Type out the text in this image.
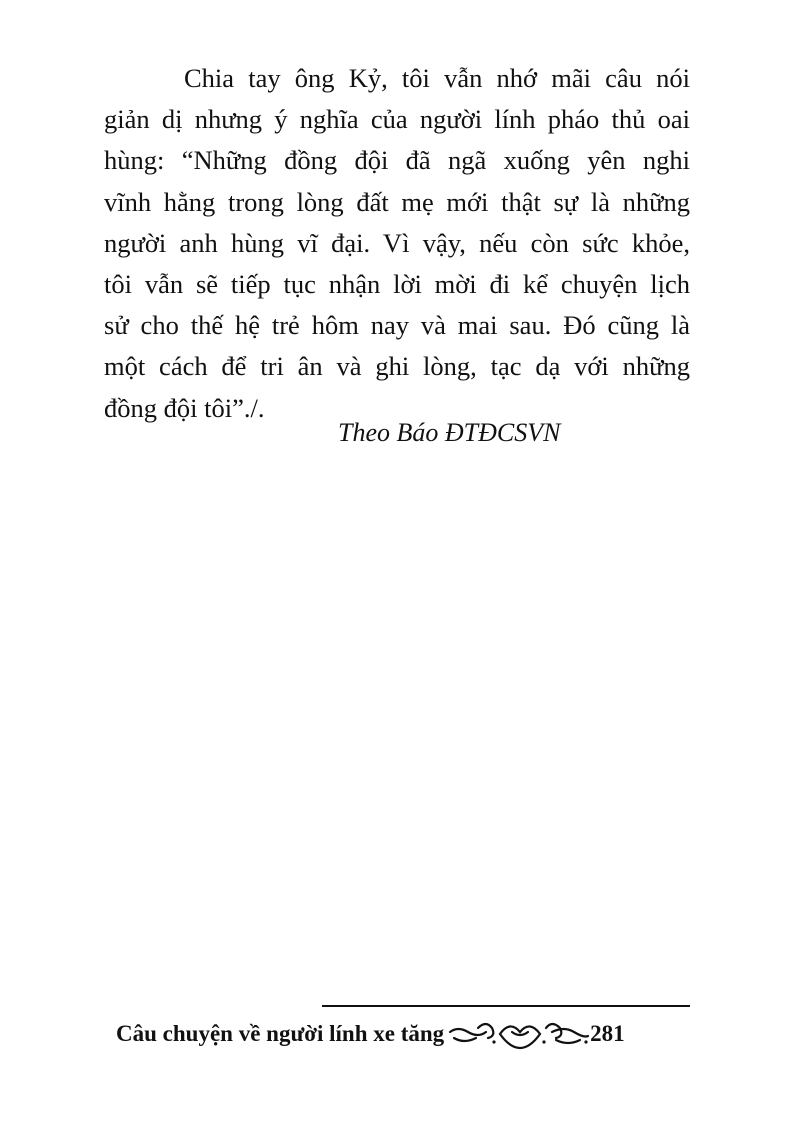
Chia tay ông Kỷ, tôi vẫn nhớ mãi câu nói
giản dị nhưng ý nghĩa của người lính pháo thủ oai
hùng: “Những đồng đội đã ngã xuống yên nghi
vĩnh hằng trong lòng đất mẹ mới thật sự là những
người anh hùng vĩ đại. Vì vậy, nếu còn sức khỏe,
tôi vẫn sẽ tiếp tục nhận lời mời đi kể chuyện lịch
sử cho thế hệ trẻ hôm nay và mai sau. Đó cũng là
một cách để tri ân và ghi lòng, tạc dạ với những
đồng đội tôi”./.
Theo Báo ĐTĐCSVN
Câu chuyện về người lính xe tăng	281
